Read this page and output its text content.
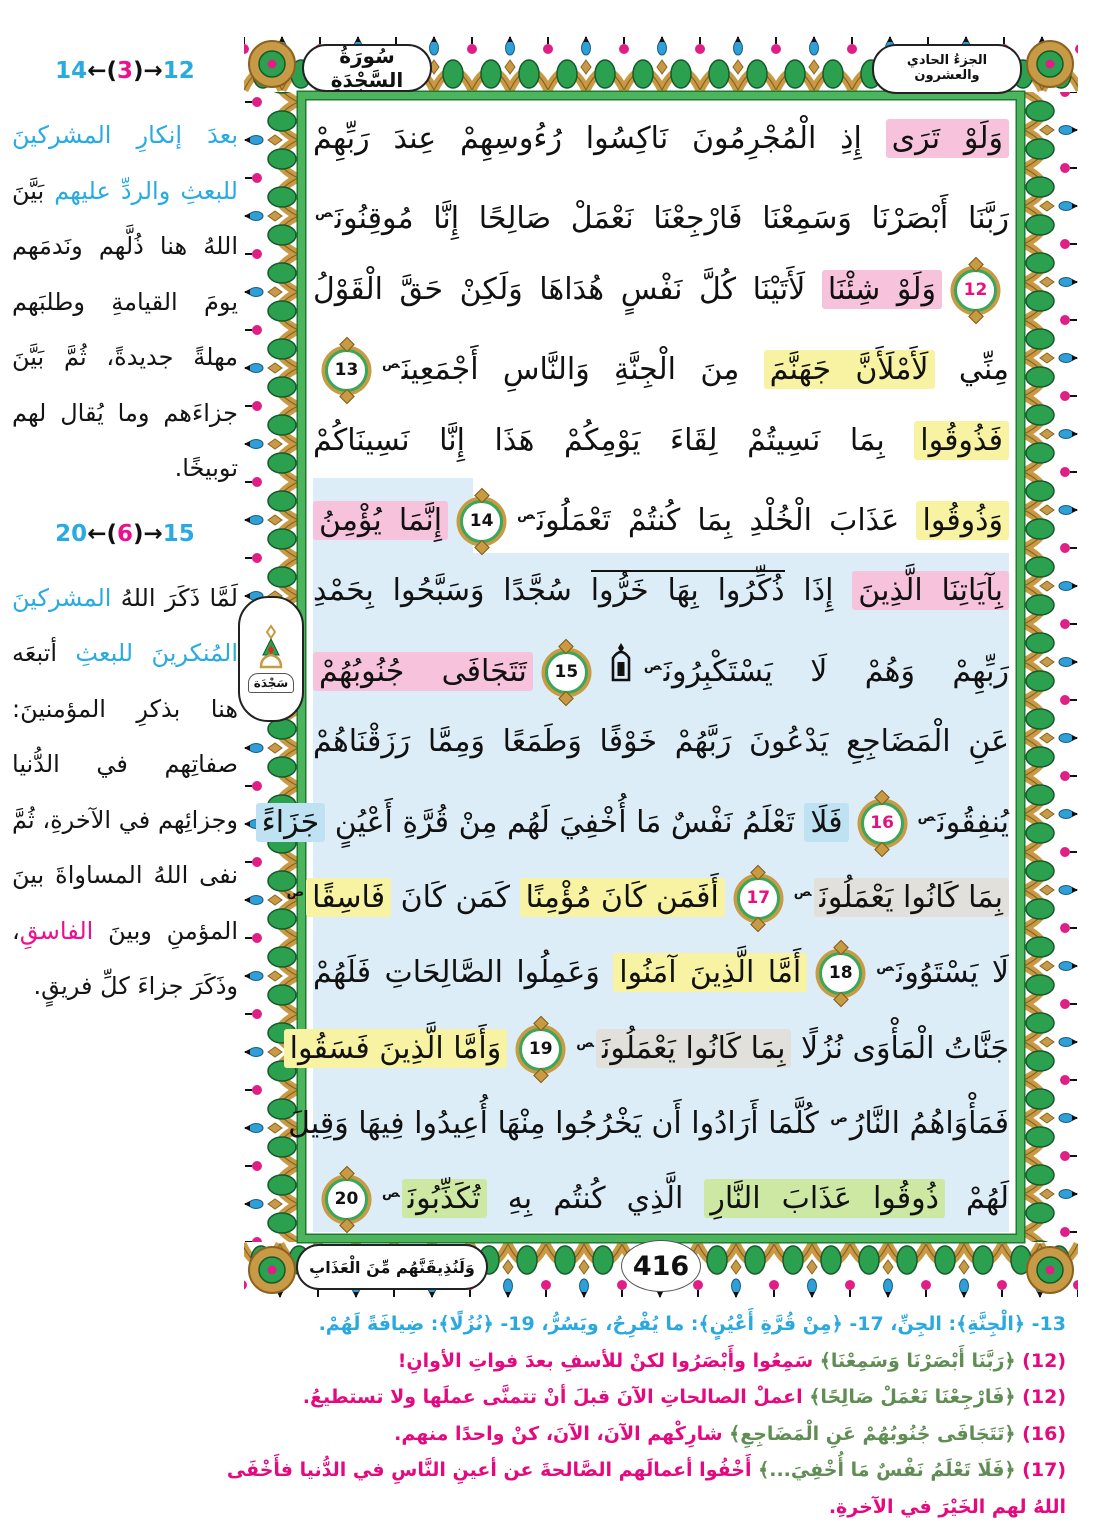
14←(3)→12

بعدَ إنكارِ المشركينَ للبعثِ والردِّ عليهم بَيَّنَ اللهُ هنا ذُلَّهم ونَدمَهم يومَ القيامةِ وطلبَهم مهلةً جديدةً، ثُمَّ بَيَّنَ جزاءَهم وما يُقال لهم توبيخًا.

20←(6)→15

لَمَّا ذَكَرَ اللهُ المشركينَ المُنكرينَ للبعثِ أتبعَه هنا بذكرِ المؤمنينَ: صفاتِهم في الدُّنيا وجزائِهم في الآخرةِ، ثُمَّ نفى اللهُ المساواةَ بينَ المؤمنِ وبينَ الفاسقِ، وذَكَرَ جزاءَ كلِّ فريقٍ.

سُورَةُ السَّجْدَةِ
الجزءُ الحادي والعشرون
سَجْدَة
وَلَوْ تَرَى إِذِ الْمُجْرِمُونَ نَاكِسُوا رُءُوسِهِمْ عِندَ رَبِّهِمْ
رَبَّنَا أَبْصَرْنَا وَسَمِعْنَا فَارْجِعْنَا نَعْمَلْ صَالِحًا إِنَّا مُوقِنُونَ$^ص$
12وَلَوْ شِئْنَا لَأَتَيْنَا كُلَّ نَفْسٍ هُدَاهَا وَلَكِنْ حَقَّ الْقَوْلُ
مِنِّي لَأَمْلَأَنَّ جَهَنَّمَ مِنَ الْجِنَّةِ وَالنَّاسِ أَجْمَعِينَ$^ص$13
فَذُوقُوا بِمَا نَسِيتُمْ لِقَاءَ يَوْمِكُمْ هَذَا إِنَّا نَسِينَاكُمْ
وَذُوقُوا عَذَابَ الْخُلْدِ بِمَا كُنتُمْ تَعْمَلُونَ$^ص$14إِنَّمَا يُؤْمِنُ
بِآيَاتِنَا الَّذِينَ إِذَا ذُكِّرُوا بِهَا خَرُّوا سُجَّدًا وَسَبَّحُوا بِحَمْدِ
رَبِّهِمْ وَهُمْ لَا يَسْتَكْبِرُونَ$^ص$15تَتَجَافَى جُنُوبُهُمْ
عَنِ الْمَضَاجِعِ يَدْعُونَ رَبَّهُمْ خَوْفًا وَطَمَعًا وَمِمَّا رَزَقْنَاهُمْ
يُنفِقُونَ$^ص$16فَلَا تَعْلَمُ نَفْسٌ مَا أُخْفِيَ لَهُم مِنْ قُرَّةِ أَعْيُنٍ جَزَاءً
بِمَا كَانُوا يَعْمَلُونَ$^ص$17أَفَمَن كَانَ مُؤْمِنًا كَمَن كَانَ فَاسِقًا$^ص$
لَا يَسْتَوُونَ$^ص$18أَمَّا الَّذِينَ آمَنُوا وَعَمِلُوا الصَّالِحَاتِ فَلَهُمْ
جَنَّاتُ الْمَأْوَى نُزُلًا بِمَا كَانُوا يَعْمَلُونَ$^ص$19وَأَمَّا الَّذِينَ فَسَقُوا
فَمَأْوَاهُمُ النَّارُ$^ص$ كُلَّمَا أَرَادُوا أَن يَخْرُجُوا مِنْهَا أُعِيدُوا فِيهَا وَقِيلَ
لَهُمْ ذُوقُوا عَذَابَ النَّارِ الَّذِي كُنتُم بِهِ تُكَذِّبُونَ$^ص$20
وَلَنُذِيقَنَّهُم مِّنَ الْعَذَابِ	416
13- ﴿الْجِنَّةِ﴾: الجِنِّ، 17- ﴿مِنْ قُرَّةِ أَعْيُنٍ﴾: ما يُفْرِحُ، ويَسُرُّ، 19- ﴿نُزُلًا﴾: ضِيافَةً لَهُمْ.
(12) ﴿رَبَّنَا أَبْصَرْنَا وَسَمِعْنَا﴾ سَمِعُوا وأَبْصَرُوا لكنْ للأسفِ بعدَ فواتِ الأوانِ!
(12) ﴿فَارْجِعْنَا نَعْمَلْ صَالِحًا﴾ اعملْ الصالحاتِ الآنَ قبلَ أنْ تتمنَّى عملَها ولا تستطيعُ.
(16) ﴿تَتَجَافَى جُنُوبُهُمْ عَنِ الْمَضَاجِعِ﴾ شارِكْهم الآنَ، الآنَ، كنْ واحدًا منهم.
(17) ﴿فَلَا تَعْلَمُ نَفْسٌ مَا أُخْفِيَ...﴾ أَخْفُوا أعمالَهم الصَّالحةَ عن أعينِ النَّاسِ في الدُّنيا فأَخْفَى اللهُ لهم الخَيْرَ في الآخرةِ.
